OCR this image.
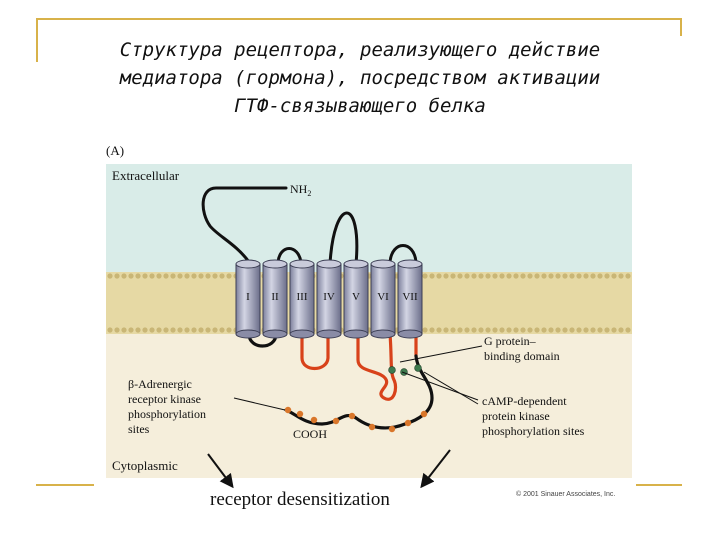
Структура рецептора, реализующего действие
медиатора (гормона), посредством активации
ГТФ-связывающего белка
I II III IV V VI VII
(A)
Extracellular
Cytoplasmic
$NH_2$
COOH
G protein–
binding domain
cAMP-dependent
protein kinase
phosphorylation sites
β-Adrenergic
receptor kinase
phosphorylation
sites
receptor desensitization	© 2001 Sinauer Associates, Inc.
